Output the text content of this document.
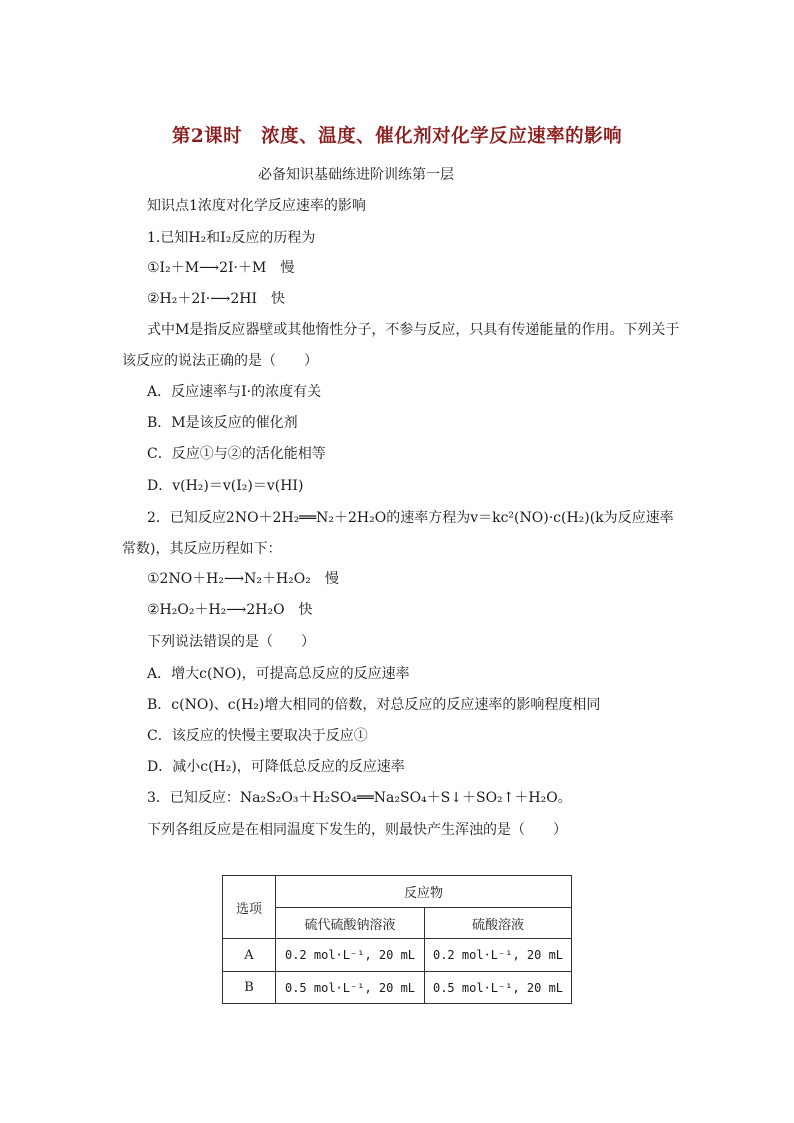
第2课时　浓度、温度、催化剂对化学反应速率的影响
必备知识基础练进阶训练第一层
知识点1浓度对化学反应速率的影响
1.已知H₂和I₂反应的历程为
①I₂＋M⟶2I·＋M　慢
②H₂＋2I·⟶2HI　快
式中M是指反应器壁或其他惰性分子，不参与反应，只具有传递能量的作用。下列关于
该反应的说法正确的是（　　）
A．反应速率与I·的浓度有关
B．M是该反应的催化剂
C．反应①与②的活化能相等
D．v(H₂)＝v(I₂)＝v(HI)
2．已知反应2NO＋2H₂══N₂＋2H₂O的速率方程为v＝kc²(NO)·c(H₂)(k为反应速率
常数)，其反应历程如下：
①2NO＋H₂⟶N₂＋H₂O₂　慢
②H₂O₂＋H₂⟶2H₂O　快
下列说法错误的是（　　）
A．增大c(NO)，可提高总反应的反应速率
B．c(NO)、c(H₂)增大相同的倍数，对总反应的反应速率的影响程度相同
C．该反应的快慢主要取决于反应①
D．减小c(H₂)，可降低总反应的反应速率
3．已知反应：Na₂S₂O₃＋H₂SO₄══Na₂SO₄＋S↓＋SO₂↑＋H₂O。
下列各组反应是在相同温度下发生的，则最快产生浑浊的是（　　）
选项	反应物	
	硫代硫酸钠溶液	硫酸溶液
A	0.2 mol·L⁻¹, 20 mL	0.2 mol·L⁻¹, 20 mL
B	0.5 mol·L⁻¹, 20 mL	0.5 mol·L⁻¹, 20 mL
